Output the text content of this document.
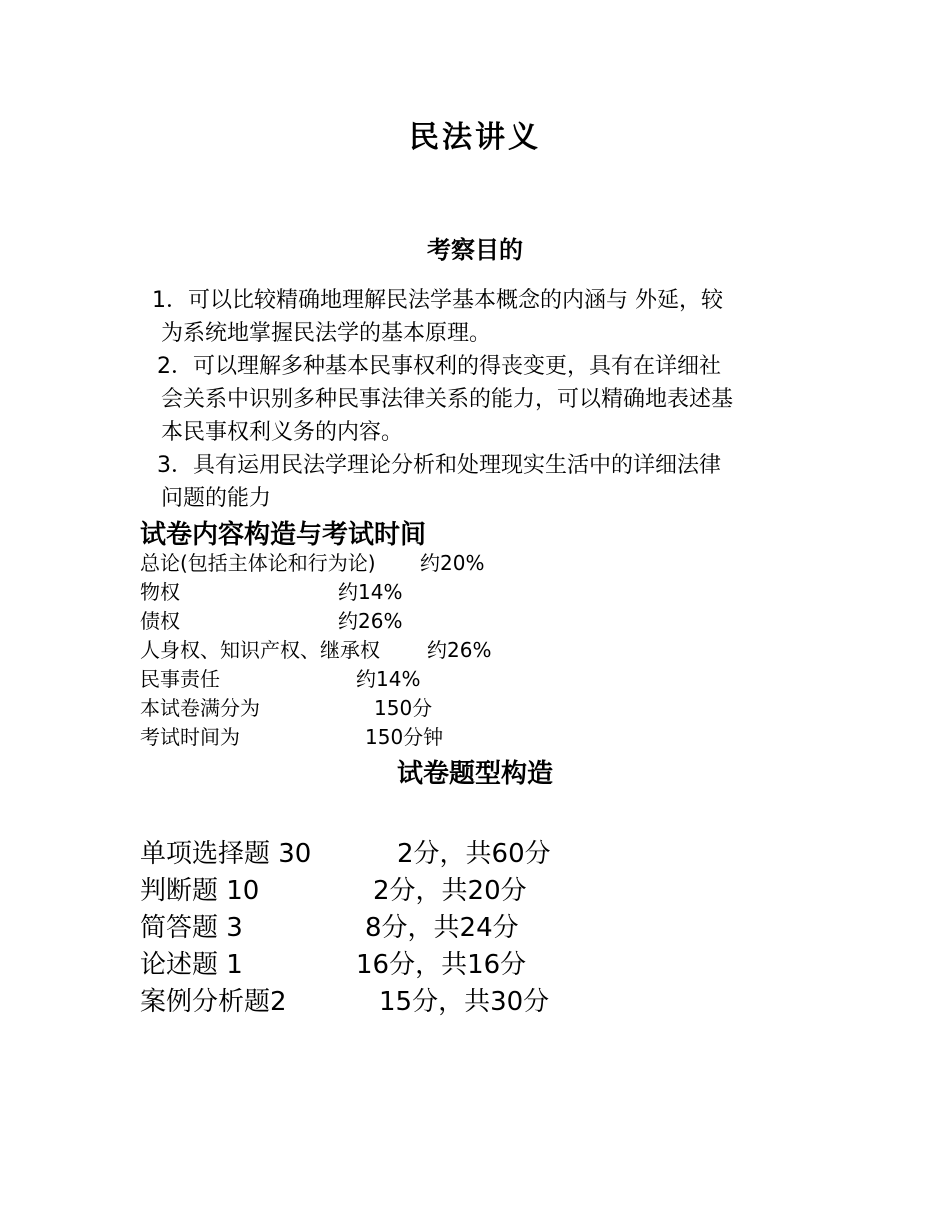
民法讲义
考察目的
1．可以比较精确地理解民法学基本概念的内涵与 外延，较
为系统地掌握民法学的基本原理。
2．可以理解多种基本民事权利的得丧变更，具有在详细社
会关系中识别多种民事法律关系的能力，可以精确地表述基
本民事权利义务的内容。
3．具有运用民法学理论分析和处理现实生活中的详细法律
问题的能力
试卷内容构造与考试时间
总论(包括主体论和行为论) 约20%
物权	约14%
债权	约26%
人身权、知识产权、继承权 约26%
民事责任	约14%
本试卷满分为	150分
考试时间为	150分钟
试卷题型构造
单项选择题 30	2分，共60分
判断题 10	2分，共20分
简答题 3	8分，共24分
论述题 1	16分，共16分
案例分析题2	15分，共30分
